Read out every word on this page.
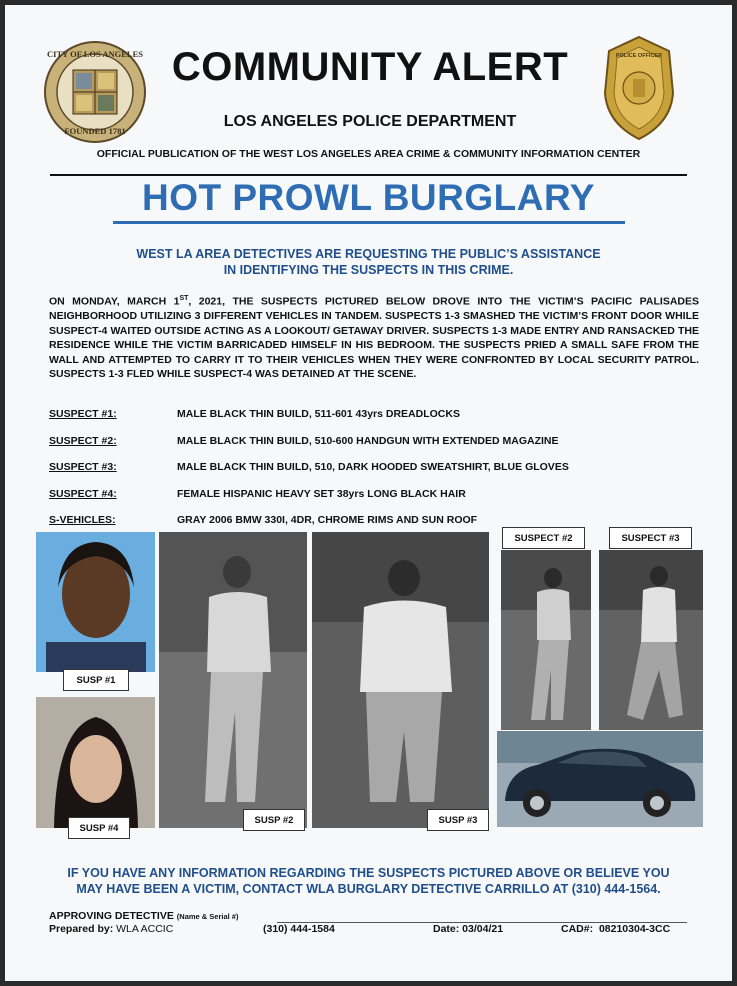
CITY OF LOS ANGELES
FOUNDED 1781
COMMUNITY ALERT	POLICE OFFICER
LOS ANGELES POLICE DEPARTMENT
OFFICIAL PUBLICATION OF THE WEST LOS ANGELES AREA CRIME & COMMUNITY INFORMATION CENTER
HOT PROWL BURGLARY
WEST LA AREA DETECTIVES ARE REQUESTING THE PUBLIC’S ASSISTANCE
IN IDENTIFYING THE SUSPECTS IN THIS CRIME.
ON MONDAY, MARCH 1ST, 2021, THE SUSPECTS PICTURED BELOW DROVE INTO THE VICTIM’S PACIFIC PALISADES NEIGHBORHOOD UTILIZING 3 DIFFERENT VEHICLES IN TANDEM. SUSPECTS 1-3 SMASHED THE VICTIM’S FRONT DOOR WHILE SUSPECT-4 WAITED OUTSIDE ACTING AS A LOOKOUT/ GETAWAY DRIVER. SUSPECTS 1-3 MADE ENTRY AND RANSACKED THE RESIDENCE WHILE THE VICTIM BARRICADED HIMSELF IN HIS BEDROOM. THE SUSPECTS PRIED A SMALL SAFE FROM THE WALL AND ATTEMPTED TO CARRY IT TO THEIR VEHICLES WHEN THEY WERE CONFRONTED BY LOCAL SECURITY PATROL. SUSPECTS 1-3 FLED WHILE SUSPECT-4 WAS DETAINED AT THE SCENE.
SUSPECT #1:	MALE BLACK THIN BUILD, 511-601 43yrs DREADLOCKS
SUSPECT #2:	MALE BLACK THIN BUILD, 510-600 HANDGUN WITH EXTENDED MAGAZINE
SUSPECT #3:	MALE BLACK THIN BUILD, 510, DARK HOODED SWEATSHIRT, BLUE GLOVES
SUSPECT #4:	FEMALE HISPANIC HEAVY SET 38yrs LONG BLACK HAIR
S-VEHICLES:	GRAY 2006 BMW 330I, 4DR, CHROME RIMS AND SUN ROOF
SUSP #1
SUSP #4
SUSP #2	SUSP #3
SUSPECT #2	SUSPECT #3
IF YOU HAVE ANY INFORMATION REGARDING THE SUSPECTS PICTURED ABOVE OR BELIEVE YOU
MAY HAVE BEEN A VICTIM, CONTACT WLA BURGLARY DETECTIVE CARRILLO AT (310) 444-1564.
APPROVING DETECTIVE (Name & Serial #)
Prepared by: WLA ACCIC	(310) 444-1584	Date: 03/04/21	CAD#: 08210304-3CC
